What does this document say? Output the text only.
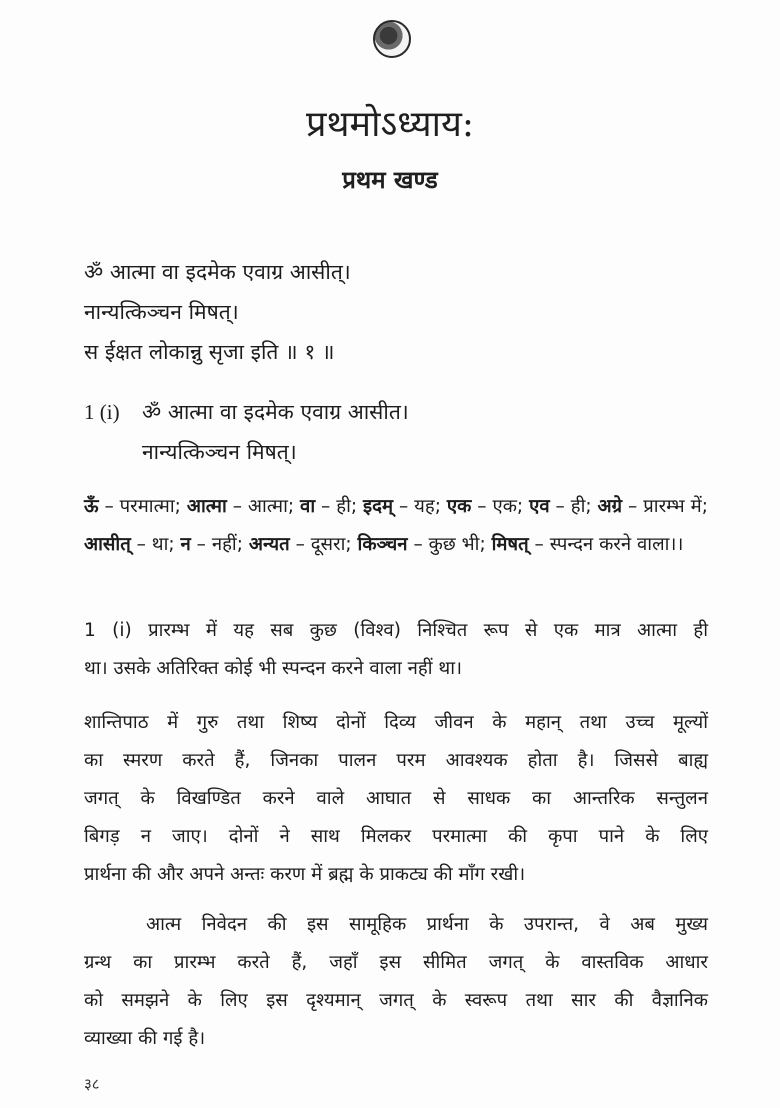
प्रथमोऽध्याय:
प्रथम खण्ड
ॐ आत्मा वा इदमेक एवाग्र आसीत्।
नान्यत्किञ्चन मिषत्।
स ईक्षत लोकान्नु सृजा इति ॥ १ ॥
1 (i)	ॐ आत्मा वा इदमेक एवाग्र आसीत।
नान्यत्किञ्चन मिषत्।
ऊँ – परमात्मा; आत्मा – आत्मा; वा – ही; इदम् – यह; एक – एक; एव – ही; अग्रे – प्रारम्भ में; आसीत् – था; न – नहीं; अन्यत – दूसरा; किञ्चन – कुछ भी; मिषत् – स्पन्दन करने वाला।।
1 (i) प्रारम्भ में यह सब कुछ (विश्व) निश्चित रूप से एक मात्र आत्मा ही
था। उसके अतिरिक्त कोई भी स्पन्दन करने वाला नहीं था।
शान्तिपाठ में गुरु तथा शिष्य दोनों दिव्य जीवन के महान् तथा उच्च मूल्यों
का स्मरण करते हैं, जिनका पालन परम आवश्यक होता है। जिससे बाह्य
जगत् के विखण्डित करने वाले आघात से साधक का आन्तरिक सन्तुलन
बिगड़ न जाए। दोनों ने साथ मिलकर परमात्मा की कृपा पाने के लिए
प्रार्थना की और अपने अन्तः करण में ब्रह्म के प्राकट्य की माँग रखी।
आत्म निवेदन की इस सामूहिक प्रार्थना के उपरान्त, वे अब मुख्य
ग्रन्थ का प्रारम्भ करते हैं, जहाँ इस सीमित जगत् के वास्तविक आधार
को समझने के लिए इस दृश्यमान् जगत् के स्वरूप तथा सार की वैज्ञानिक
व्याख्या की गई है।
३८
